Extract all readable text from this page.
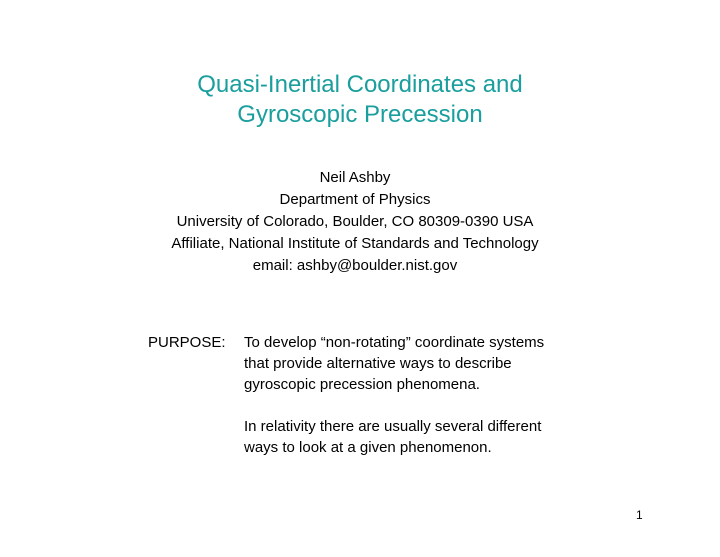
Quasi-Inertial Coordinates and
Gyroscopic Precession
Neil Ashby
Department of Physics
University of Colorado, Boulder, CO 80309-0390 USA
Affiliate, National Institute of Standards and Technology
email: ashby@boulder.nist.gov
PURPOSE: To develop “non-rotating” coordinate systems
that provide alternative ways to describe
gyroscopic precession phenomena.
In relativity there are usually several different
ways to look at a given phenomenon.
1
